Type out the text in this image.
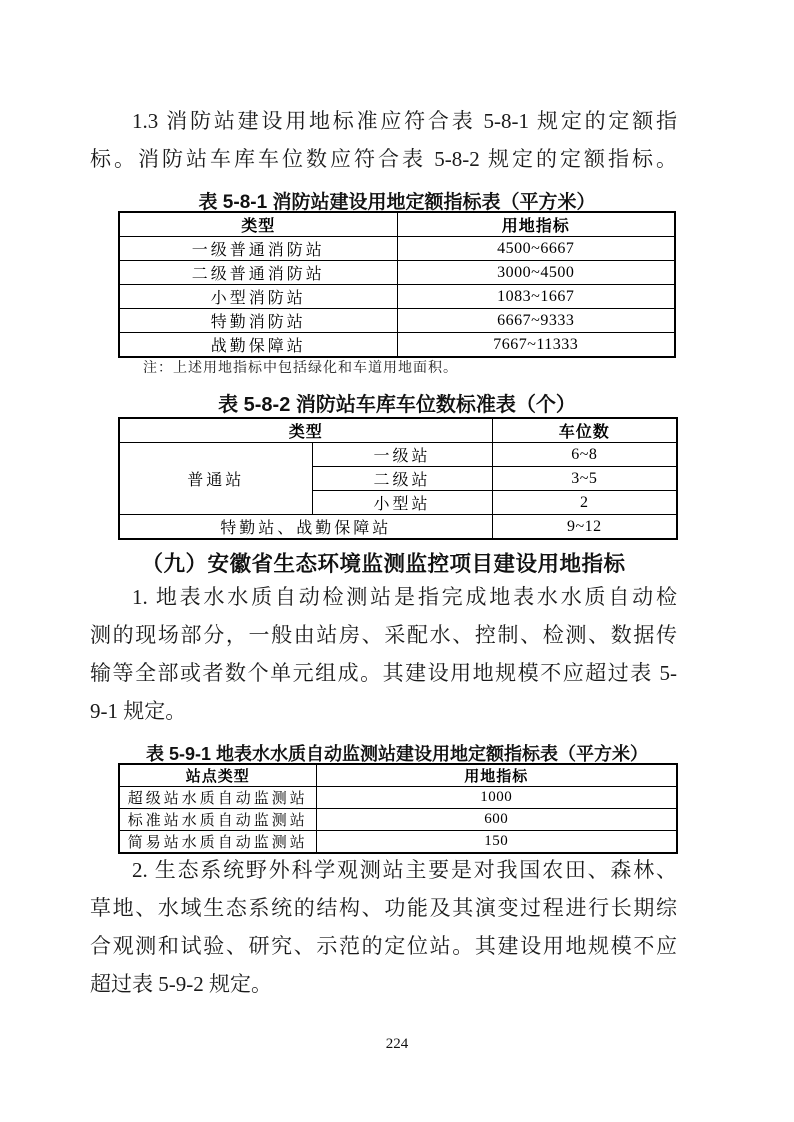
1.3 消防站建设用地标准应符合表 5-8-1 规定的定额指
标。消防站车库车位数应符合表 5-8-2 规定的定额指标。
表 5-8-1 消防站建设用地定额指标表（平方米）
类型	用地指标
一级普通消防站	4500~6667
二级普通消防站	3000~4500
小型消防站	1083~1667
特勤消防站	6667~9333
战勤保障站	7667~11333
注：上述用地指标中包括绿化和车道用地面积。
表 5-8-2 消防站车库车位数标准表（个）
类型		车位数
普通站	一级站	6~8
	二级站	3~5
	小型站	2
特勤站、战勤保障站		9~12
（九）安徽省生态环境监测监控项目建设用地指标
1. 地表水水质自动检测站是指完成地表水水质自动检
测的现场部分，一般由站房、采配水、控制、检测、数据传
输等全部或者数个单元组成。其建设用地规模不应超过表 5-
9-1 规定。
表 5-9-1 地表水水质自动监测站建设用地定额指标表（平方米）
站点类型	用地指标
超级站水质自动监测站	1000
标准站水质自动监测站	600
简易站水质自动监测站	150
2. 生态系统野外科学观测站主要是对我国农田、森林、
草地、水域生态系统的结构、功能及其演变过程进行长期综
合观测和试验、研究、示范的定位站。其建设用地规模不应
超过表 5-9-2 规定。
224
